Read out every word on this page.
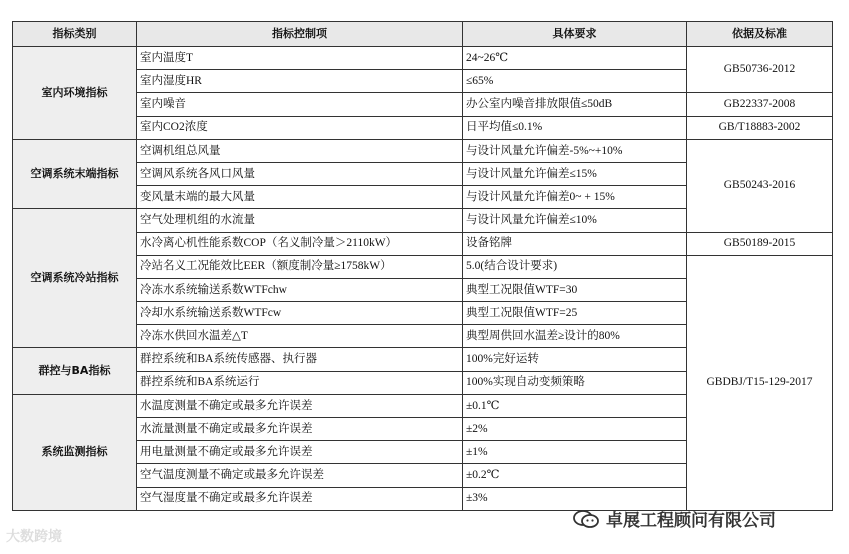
指标类别	指标控制项	具体要求	依据及标准
室内环境指标	室内温度T	24~26℃	GB50736-2012
	室内湿度HR	≤65%	
	室内噪音	办公室内噪音排放限值≤50dB	GB22337-2008
	室内CO2浓度	日平均值≤0.1%	GB/T18883-2002
空调系统末端指标	空调机组总风量	与设计风量允许偏差-5%~+10%	GB50243-2016
	空调风系统各风口风量	与设计风量允许偏差≤15%	
	变风量末端的最大风量	与设计风量允许偏差0~ + 15%	
空调系统冷站指标	空气处理机组的水流量	与设计风量允许偏差≤10%	
	水冷离心机性能系数COP（名义制冷量＞2110kW）	设备铭牌	GB50189-2015
	冷站名义工况能效比EER（额度制冷量≥1758kW）	5.0(结合设计要求)	GBDBJ/T15-129-2017
	冷冻水系统输送系数WTFchw	典型工况限值WTF=30	
	冷却水系统输送系数WTFcw	典型工况限值WTF=25	
	冷冻水供回水温差△T	典型周供回水温差≥设计的80%	
群控与BA指标	群控系统和BA系统传感器、执行器	100%完好运转	
	群控系统和BA系统运行	100%实现自动变频策略	
系统监测指标	水温度测量不确定或最多允许误差	±0.1℃	
	水流量测量不确定或最多允许误差	±2%	
	用电量测量不确定或最多允许误差	±1%	
	空气温度测量不确定或最多允许误差	±0.2℃	
	空气湿度量不确定或最多允许误差	±3%	
大数跨境
卓展工程顾问有限公司
